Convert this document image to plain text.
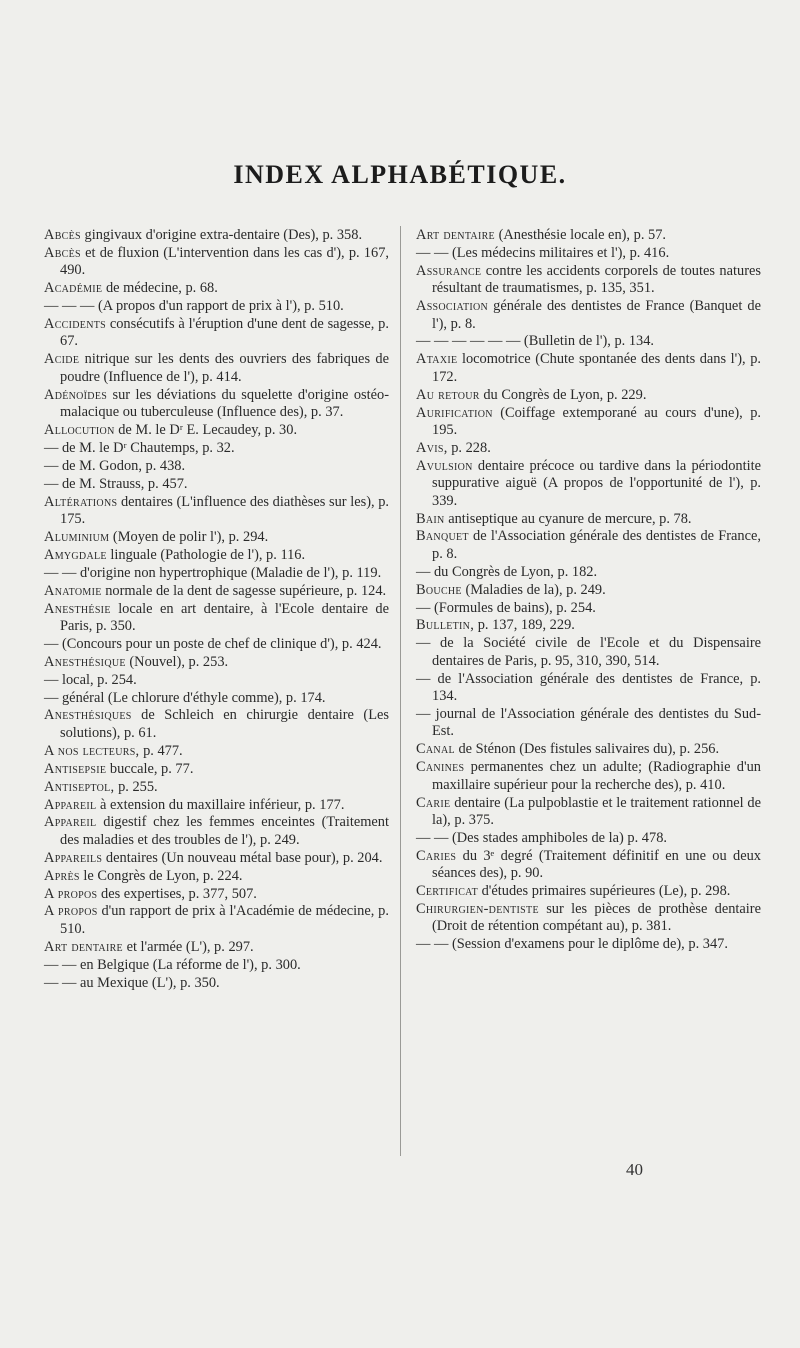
INDEX ALPHABÉTIQUE.
Abcès gingivaux d'origine extra-dentaire (Des), p. 358.
Abcès et de fluxion (L'intervention dans les cas d'), p. 167, 490.
Académie de médecine, p. 68.
— — — (A propos d'un rapport de prix à l'), p. 510.
Accidents consécutifs à l'éruption d'une dent de sagesse, p. 67.
Acide nitrique sur les dents des ouvriers des fabriques de poudre (Influence de l'), p. 414.
Adénoïdes sur les déviations du squelette d'origine ostéo-malacique ou tuberculeuse (Influence des), p. 37.
Allocution de M. le Dʳ E. Lecaudey, p. 30.
— de M. le Dʳ Chautemps, p. 32.
— de M. Godon, p. 438.
— de M. Strauss, p. 457.
Altérations dentaires (L'influence des diathèses sur les), p. 175.
Aluminium (Moyen de polir l'), p. 294.
Amygdale linguale (Pathologie de l'), p. 116.
— — d'origine non hypertrophique (Maladie de l'), p. 119.
Anatomie normale de la dent de sagesse supérieure, p. 124.
Anesthésie locale en art dentaire, à l'Ecole dentaire de Paris, p. 350.
— (Concours pour un poste de chef de clinique d'), p. 424.
Anesthésique (Nouvel), p. 253.
— local, p. 254.
— général (Le chlorure d'éthyle comme), p. 174.
Anesthésiques de Schleich en chirurgie dentaire (Les solutions), p. 61.
A nos lecteurs, p. 477.
Antisepsie buccale, p. 77.
Antiseptol, p. 255.
Appareil à extension du maxillaire inférieur, p. 177.
Appareil digestif chez les femmes enceintes (Traitement des maladies et des troubles de l'), p. 249.
Appareils dentaires (Un nouveau métal base pour), p. 204.
Après le Congrès de Lyon, p. 224.
A propos des expertises, p. 377, 507.
A propos d'un rapport de prix à l'Académie de médecine, p. 510.
Art dentaire et l'armée (L'), p. 297.
— — en Belgique (La réforme de l'), p. 300.
— — au Mexique (L'), p. 350.
Art dentaire (Anesthésie locale en), p. 57.
— — (Les médecins militaires et l'), p. 416.
Assurance contre les accidents corporels de toutes natures résultant de traumatismes, p. 135, 351.
Association générale des dentistes de France (Banquet de l'), p. 8.
— — — — — — (Bulletin de l'), p. 134.
Ataxie locomotrice (Chute spontanée des dents dans l'), p. 172.
Au retour du Congrès de Lyon, p. 229.
Aurification (Coiffage extemporané au cours d'une), p. 195.
Avis, p. 228.
Avulsion dentaire précoce ou tardive dans la périodontite suppurative aiguë (A propos de l'opportunité de l'), p. 339.
Bain antiseptique au cyanure de mercure, p. 78.
Banquet de l'Association générale des dentistes de France, p. 8.
— du Congrès de Lyon, p. 182.
Bouche (Maladies de la), p. 249.
— (Formules de bains), p. 254.
Bulletin, p. 137, 189, 229.
— de la Société civile de l'Ecole et du Dispensaire dentaires de Paris, p. 95, 310, 390, 514.
— de l'Association générale des dentistes de France, p. 134.
— journal de l'Association générale des dentistes du Sud-Est.
Canal de Sténon (Des fistules salivaires du), p. 256.
Canines permanentes chez un adulte; (Radiographie d'un maxillaire supérieur pour la recherche des), p. 410.
Carie dentaire (La pulpoblastie et le traitement rationnel de la), p. 375.
— — (Des stades amphiboles de la) p. 478.
Caries du 3ᵉ degré (Traitement définitif en une ou deux séances des), p. 90.
Certificat d'études primaires supérieures (Le), p. 298.
Chirurgien-dentiste sur les pièces de prothèse dentaire (Droit de rétention compétant au), p. 381.
— — (Session d'examens pour le diplôme de), p. 347.
40
